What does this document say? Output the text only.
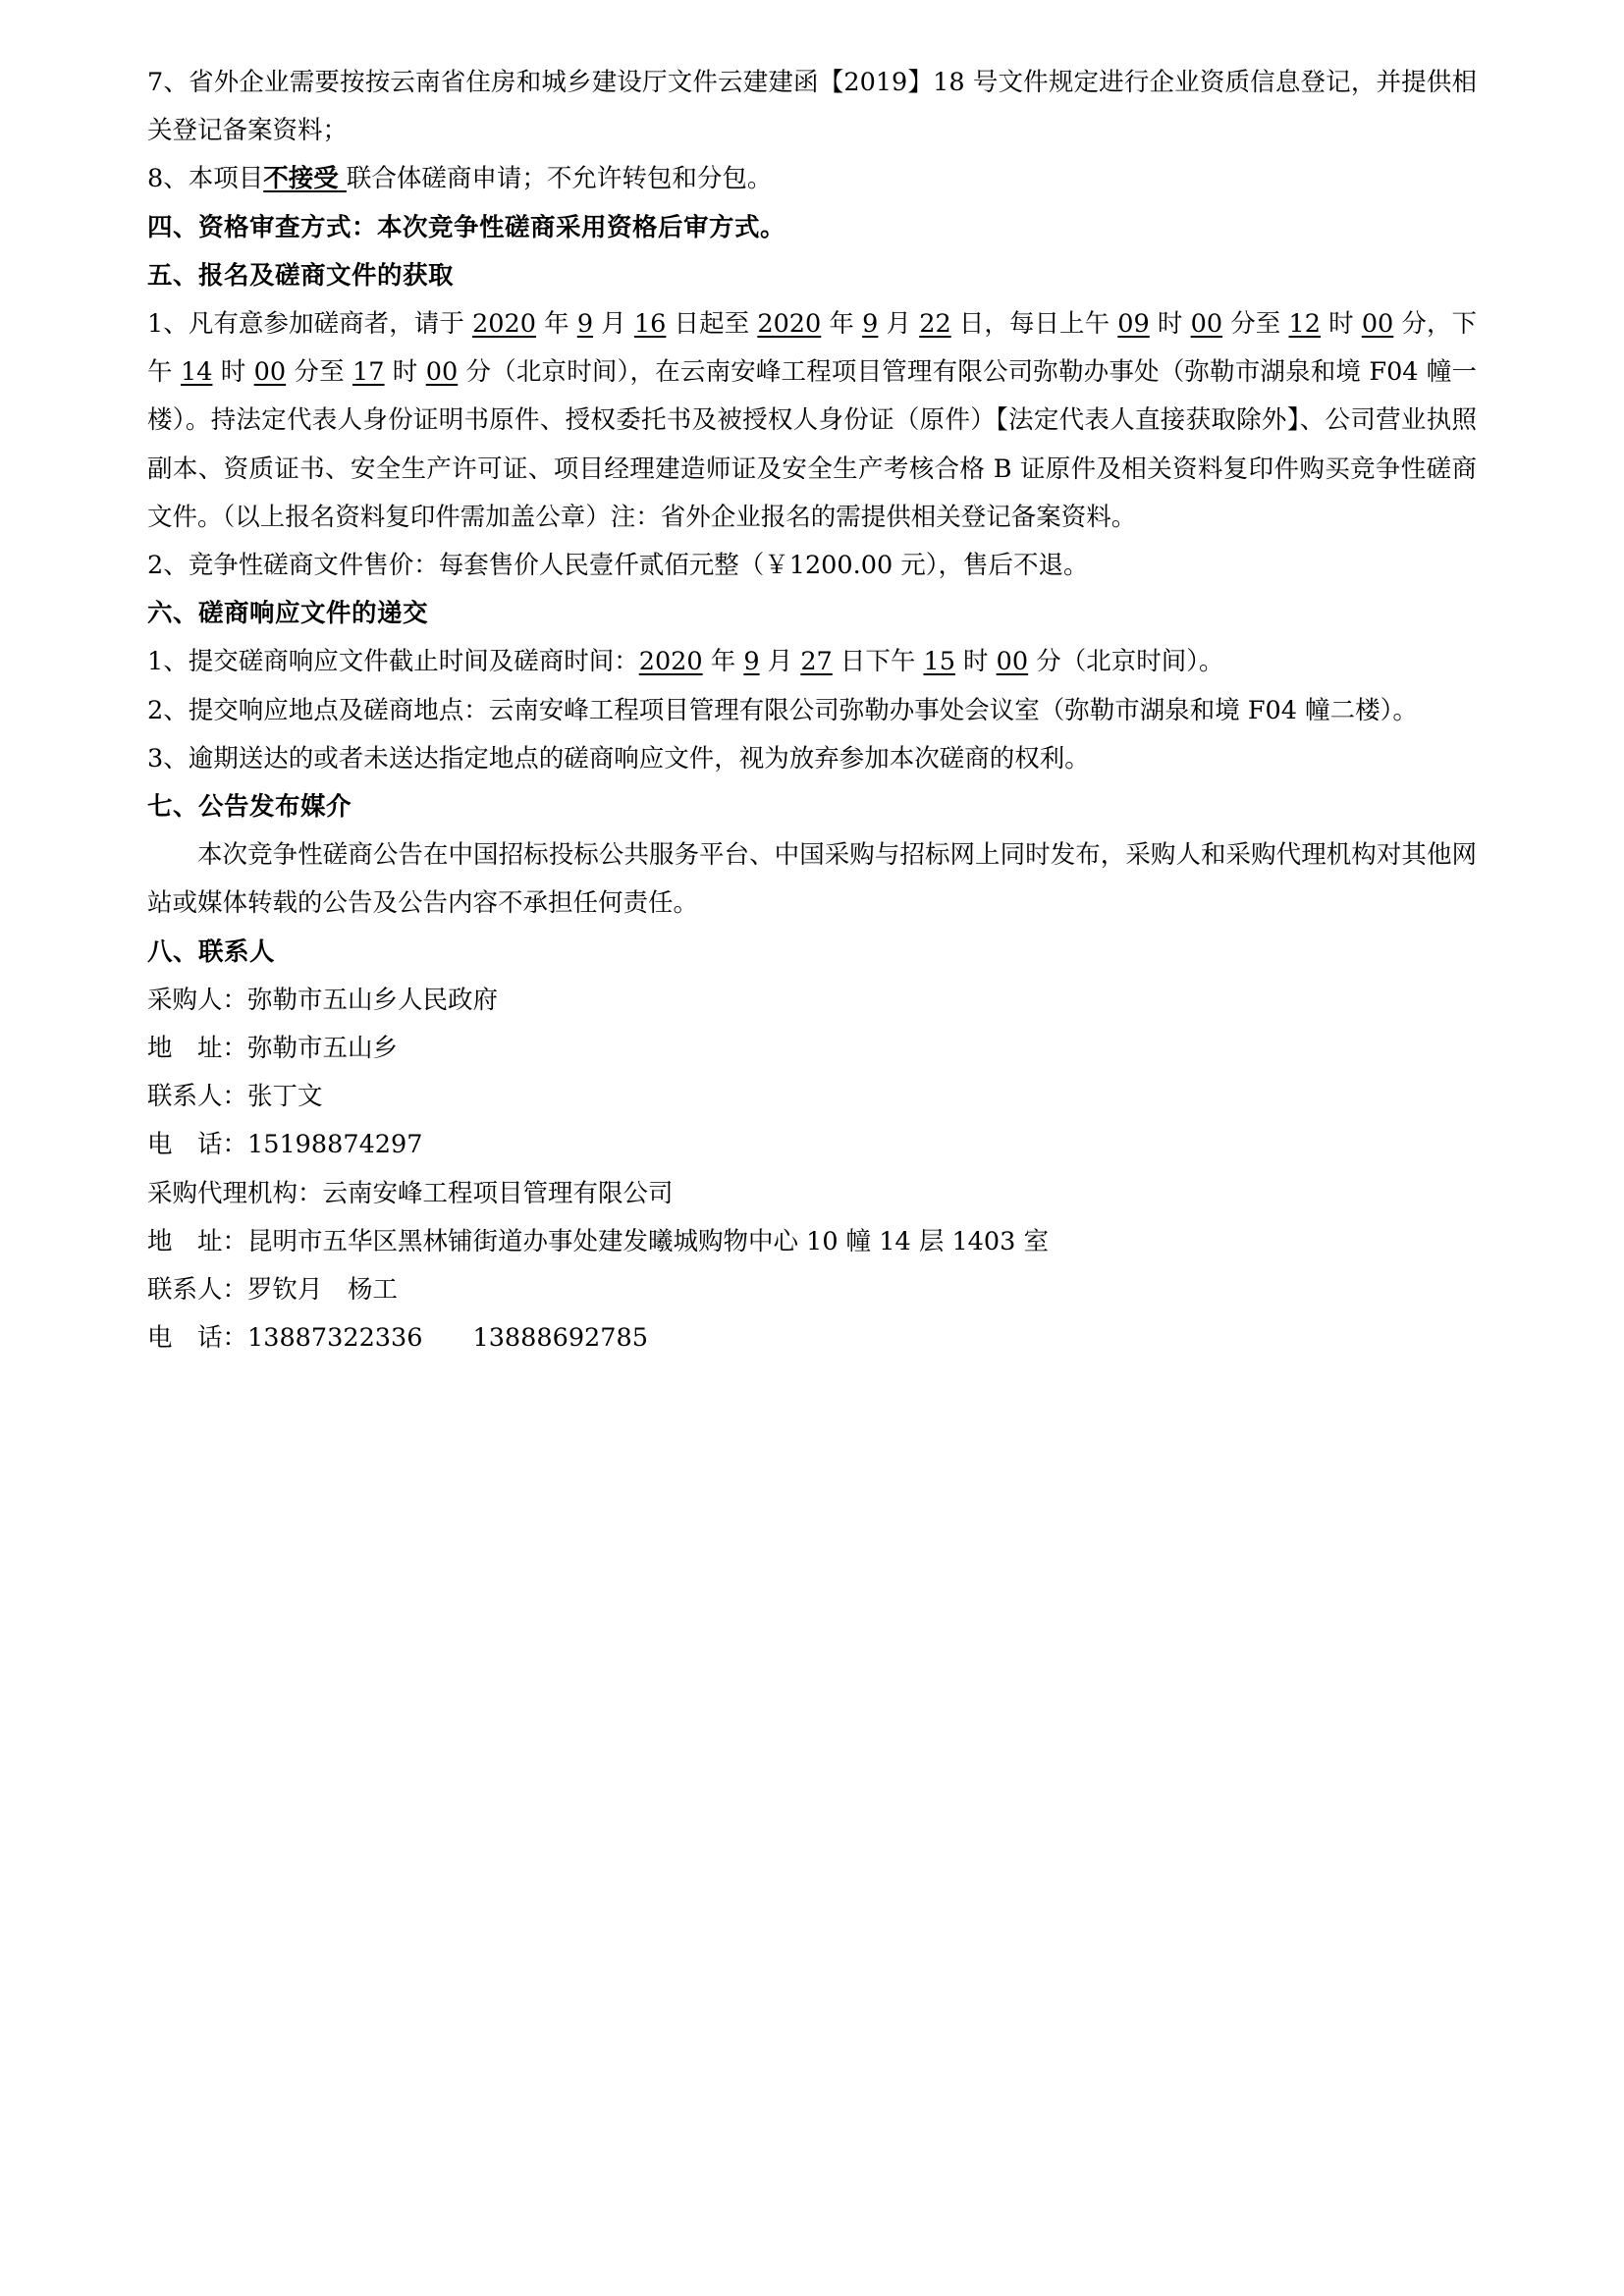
7、省外企业需要按按云南省住房和城乡建设厅文件云建建函【2019】18 号文件规定进行企业资质信息登记，并提供相关登记备案资料；

8、本项目不接受 联合体磋商申请；不允许转包和分包。

四、资格审查方式：本次竞争性磋商采用资格后审方式。

五、报名及磋商文件的获取

1、凡有意参加磋商者，请于 2020 年 9 月 16 日起至 2020 年 9 月 22 日，每日上午 09 时 00 分至 12 时 00 分，下午 14 时 00 分至 17 时 00 分（北京时间），在云南安峰工程项目管理有限公司弥勒办事处（弥勒市湖泉和境 F04 幢一楼）。持法定代表人身份证明书原件、授权委托书及被授权人身份证（原件）【法定代表人直接获取除外】、公司营业执照副本、资质证书、安全生产许可证、项目经理建造师证及安全生产考核合格 B 证原件及相关资料复印件购买竞争性磋商文件。（以上报名资料复印件需加盖公章）注：省外企业报名的需提供相关登记备案资料。

2、竞争性磋商文件售价：每套售价人民壹仟贰佰元整（￥1200.00 元），售后不退。

六、磋商响应文件的递交

1、提交磋商响应文件截止时间及磋商时间：2020 年 9 月 27 日下午 15 时 00 分（北京时间）。

2、提交响应地点及磋商地点：云南安峰工程项目管理有限公司弥勒办事处会议室（弥勒市湖泉和境 F04 幢二楼）。

3、逾期送达的或者未送达指定地点的磋商响应文件，视为放弃参加本次磋商的权利。

七、公告发布媒介

本次竞争性磋商公告在中国招标投标公共服务平台、中国采购与招标网上同时发布，采购人和采购代理机构对其他网站或媒体转载的公告及公告内容不承担任何责任。

八、联系人

采购人：弥勒市五山乡人民政府

地　址：弥勒市五山乡

联系人：张丁文

电　话：15198874297

采购代理机构：云南安峰工程项目管理有限公司

地　址：昆明市五华区黑林铺街道办事处建发曦城购物中心 10 幢 14 层 1403 室

联系人：罗钦月　杨工

电　话：13887322336　　13888692785
